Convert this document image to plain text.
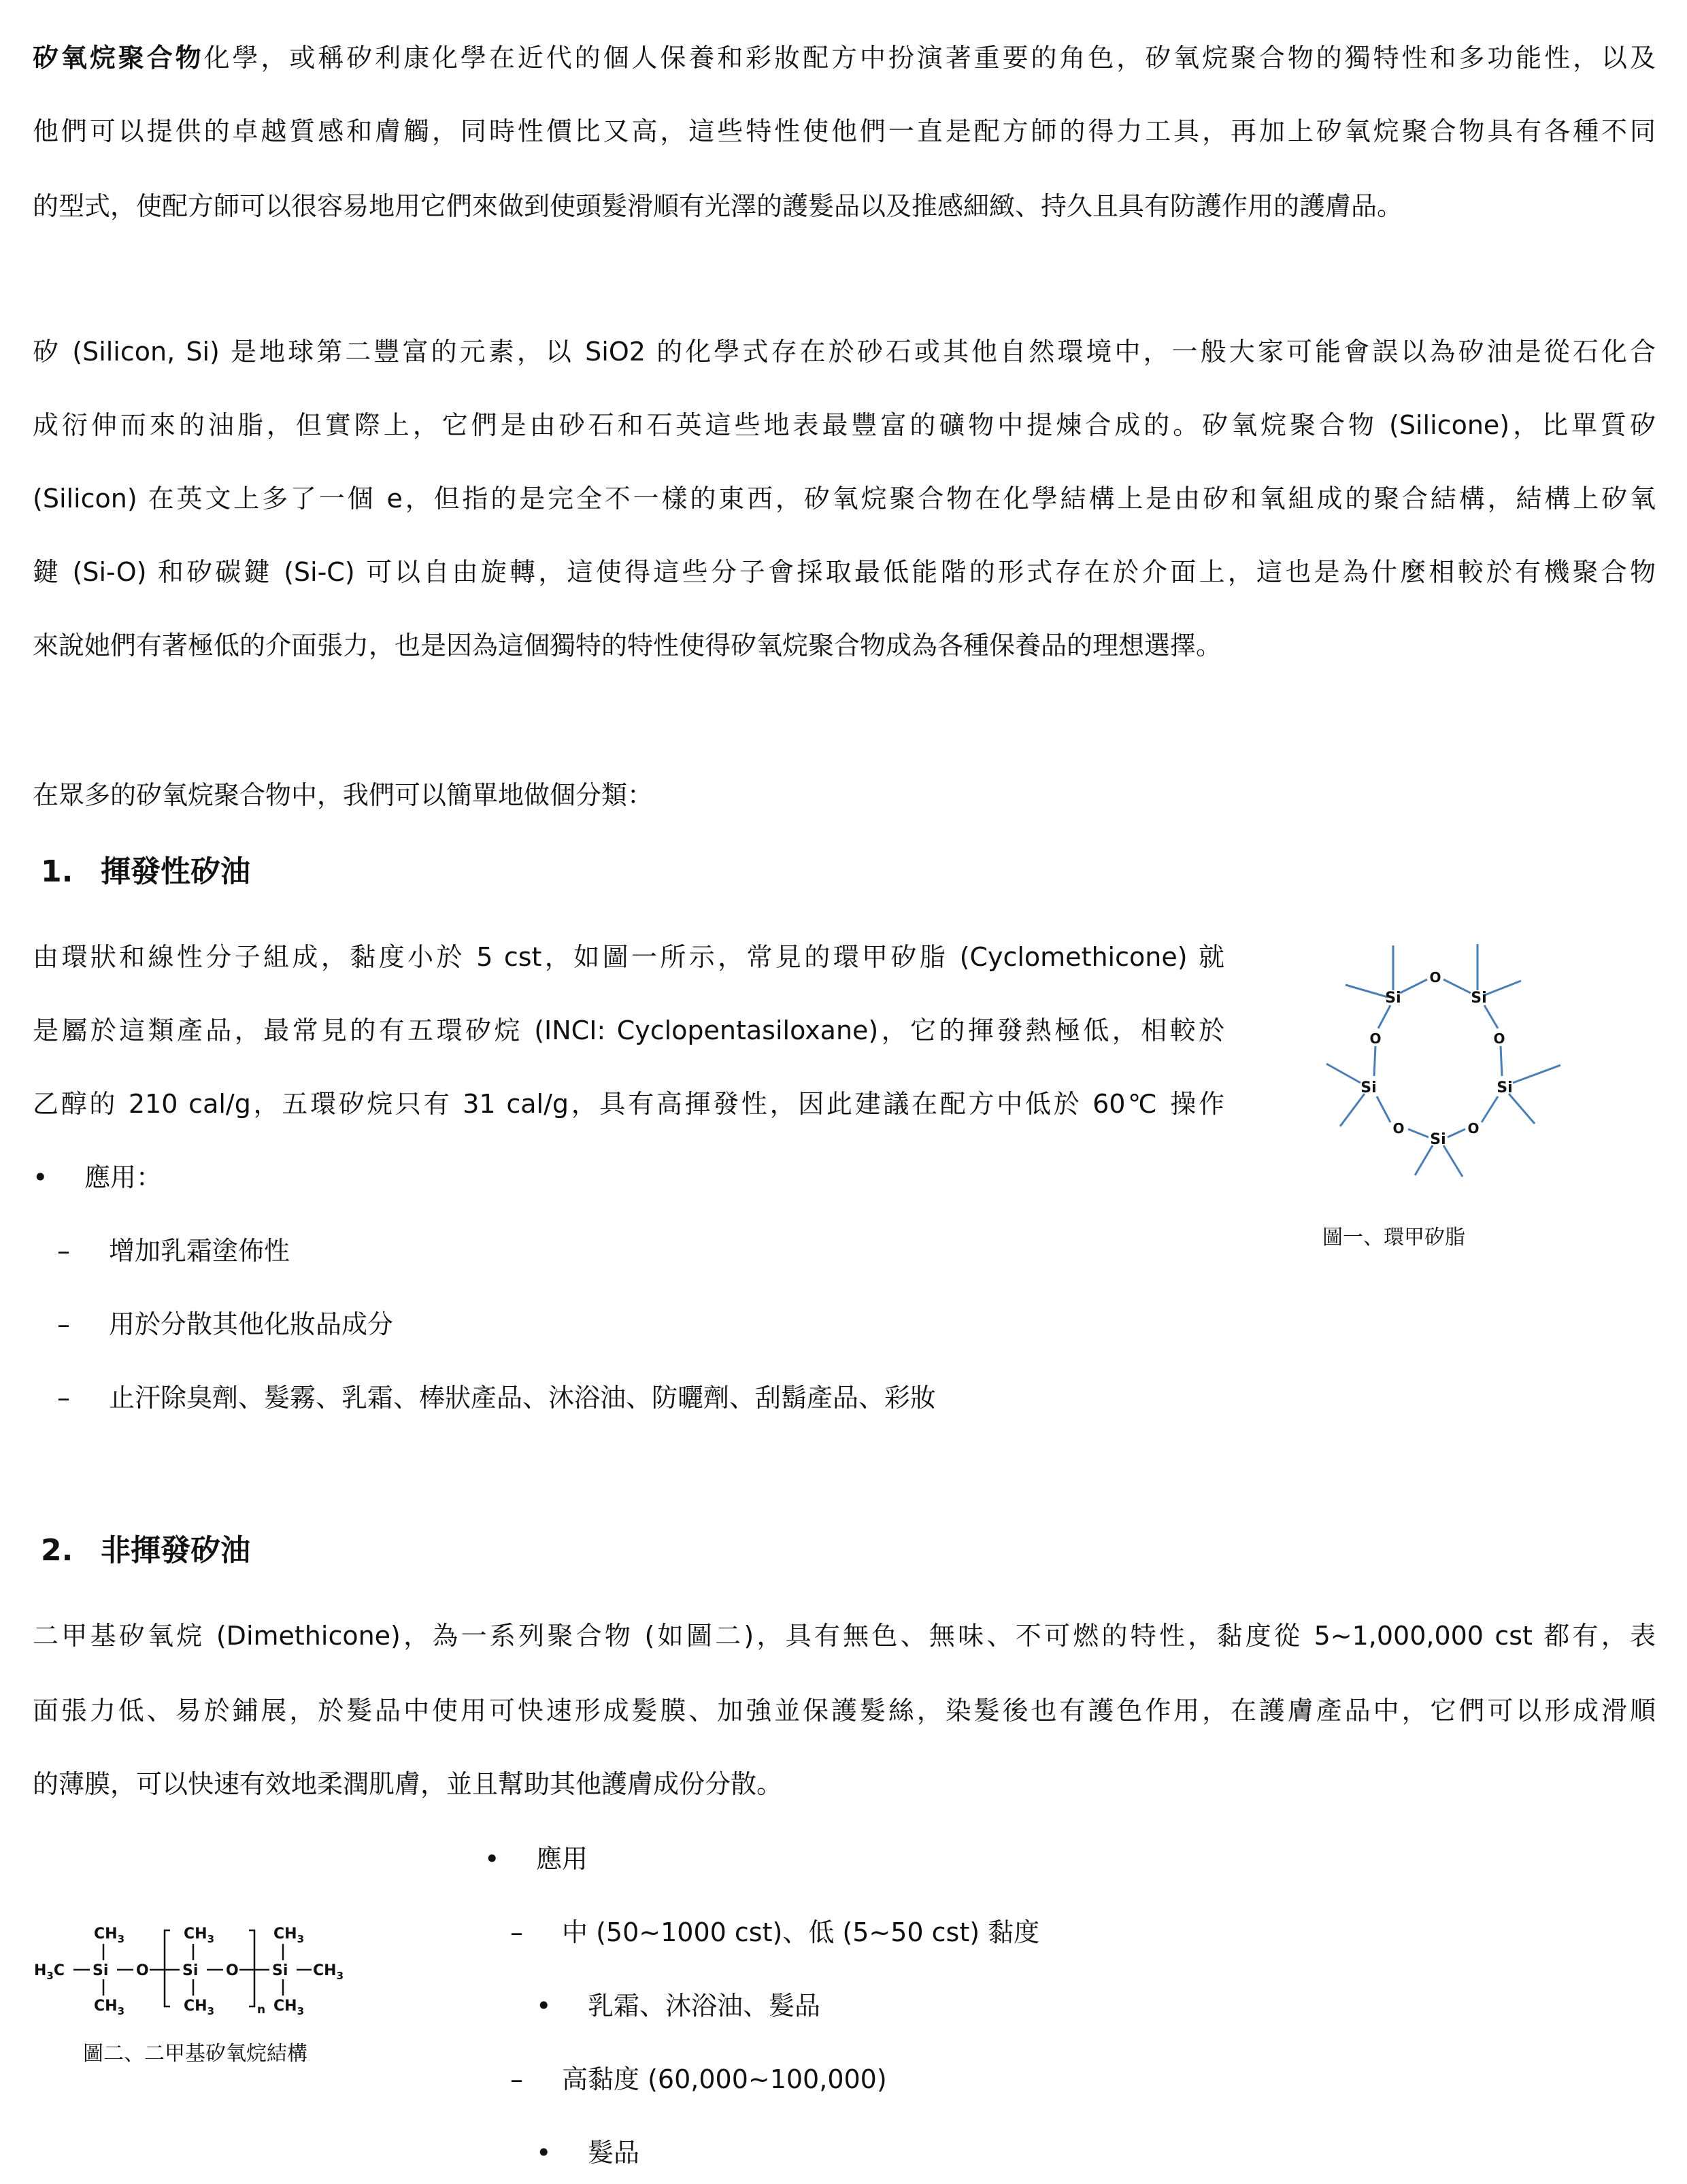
矽氧烷聚合物化學，或稱矽利康化學在近代的個人保養和彩妝配方中扮演著重要的角色，矽氧烷聚合物的獨特性和多功能性，以及
他們可以提供的卓越質感和膚觸，同時性價比又高，這些特性使他們一直是配方師的得力工具，再加上矽氧烷聚合物具有各種不同
的型式，使配方師可以很容易地用它們來做到使頭髮滑順有光澤的護髮品以及推感細緻、持久且具有防護作用的護膚品。
矽 (Silicon, Si) 是地球第二豐富的元素，以 SiO2 的化學式存在於砂石或其他自然環境中，一般大家可能會誤以為矽油是從石化合
成衍伸而來的油脂，但實際上，它們是由砂石和石英這些地表最豐富的礦物中提煉合成的。矽氧烷聚合物 (Silicone)，比單質矽
(Silicon) 在英文上多了一個 e，但指的是完全不一樣的東西，矽氧烷聚合物在化學結構上是由矽和氧組成的聚合結構，結構上矽氧
鍵 (Si-O) 和矽碳鍵 (Si-C) 可以自由旋轉，這使得這些分子會採取最低能階的形式存在於介面上，這也是為什麼相較於有機聚合物
來說她們有著極低的介面張力，也是因為這個獨特的特性使得矽氧烷聚合物成為各種保養品的理想選擇。
在眾多的矽氧烷聚合物中，我們可以簡單地做個分類：
1. 揮發性矽油
由環狀和線性分子組成，黏度小於 5 cst，如圖一所示，常見的環甲矽脂 (Cyclomethicone) 就
是屬於這類產品，最常見的有五環矽烷 (INCI: Cyclopentasiloxane)，它的揮發熱極低，相較於
乙醇的 210 cal/g，五環矽烷只有 31 cal/g，具有高揮發性，因此建議在配方中低於 60℃ 操作
• 應用：
– 增加乳霜塗佈性
– 用於分散其他化妝品成分
– 止汗除臭劑、髮霧、乳霜、棒狀產品、沐浴油、防曬劑、刮鬍產品、彩妝
Si
O
Si
O
Si
O
Si
O
Si
O
圖一、環甲矽脂
2. 非揮發矽油
二甲基矽氧烷 (Dimethicone)，為一系列聚合物 (如圖二)，具有無色、無味、不可燃的特性，黏度從 5~1,000,000 cst 都有，表
面張力低、易於鋪展，於髮品中使用可快速形成髮膜、加強並保護髮絲，染髮後也有護色作用，在護膚產品中，它們可以形成滑順
的薄膜，可以快速有效地柔潤肌膚，並且幫助其他護膚成份分散。
• 應用
– 中 (50~1000 cst)、低 (5~50 cst) 黏度
• 乳霜、沐浴油、髮品
– 高黏度 (60,000~100,000)
• 髮品
$H_3C$ Si O Si O Si $CH_3$
$CH_3$
$CH_3$
$CH_3$
$CH_3$
$CH_3$
$CH_3$
n
圖二、二甲基矽氧烷結構
